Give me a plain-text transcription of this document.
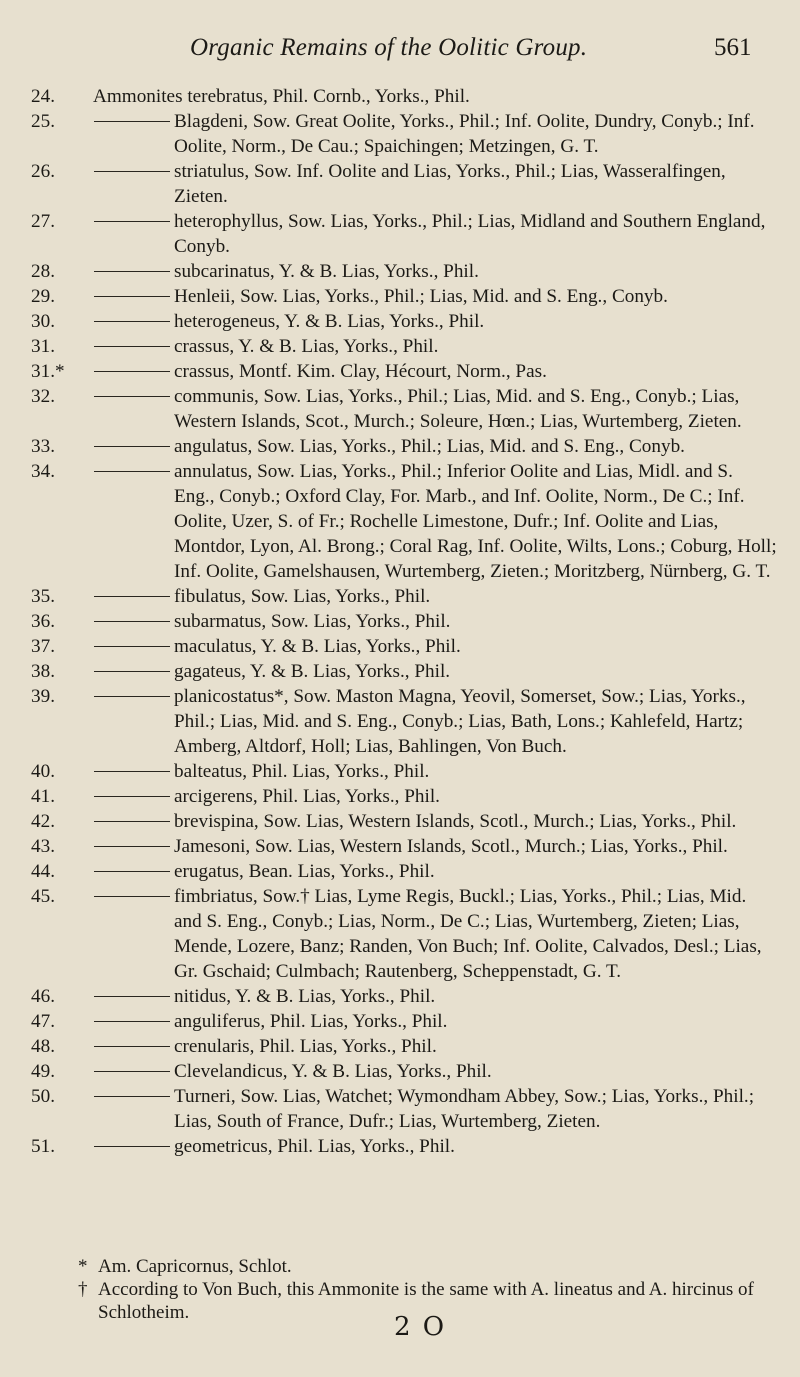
Organic Remains of the Oolitic Group.	561
24.	Ammonites terebratus, Phil. Cornb., Yorks., Phil.
25.	Blagdeni, Sow. Great Oolite, Yorks., Phil.; Inf. Oolite, Dundry, Conyb.; Inf. Oolite, Norm., De Cau.; Spaichingen; Metzingen, G. T.
26.	striatulus, Sow. Inf. Oolite and Lias, Yorks., Phil.; Lias, Wasseralfingen, Zieten.
27.	heterophyllus, Sow. Lias, Yorks., Phil.; Lias, Midland and Southern England, Conyb.
28.	subcarinatus, Y. & B. Lias, Yorks., Phil.
29.	Henleii, Sow. Lias, Yorks., Phil.; Lias, Mid. and S. Eng., Conyb.
30.	heterogeneus, Y. & B. Lias, Yorks., Phil.
31.	crassus, Y. & B. Lias, Yorks., Phil.
31.*	crassus, Montf. Kim. Clay, Hécourt, Norm., Pas.
32.	communis, Sow. Lias, Yorks., Phil.; Lias, Mid. and S. Eng., Conyb.; Lias, Western Islands, Scot., Murch.; Soleure, Hœn.; Lias, Wurtemberg, Zieten.
33.	angulatus, Sow. Lias, Yorks., Phil.; Lias, Mid. and S. Eng., Conyb.
34.	annulatus, Sow. Lias, Yorks., Phil.; Inferior Oolite and Lias, Midl. and S. Eng., Conyb.; Oxford Clay, For. Marb., and Inf. Oolite, Norm., De C.; Inf. Oolite, Uzer, S. of Fr.; Rochelle Limestone, Dufr.; Inf. Oolite and Lias, Montdor, Lyon, Al. Brong.; Coral Rag, Inf. Oolite, Wilts, Lons.; Coburg, Holl; Inf. Oolite, Gamelshausen, Wurtemberg, Zieten.; Moritzberg, Nürnberg, G. T.
35.	fibulatus, Sow. Lias, Yorks., Phil.
36.	subarmatus, Sow. Lias, Yorks., Phil.
37.	maculatus, Y. & B. Lias, Yorks., Phil.
38.	gagateus, Y. & B. Lias, Yorks., Phil.
39.	planicostatus*, Sow. Maston Magna, Yeovil, Somerset, Sow.; Lias, Yorks., Phil.; Lias, Mid. and S. Eng., Conyb.; Lias, Bath, Lons.; Kahlefeld, Hartz; Amberg, Altdorf, Holl; Lias, Bahlingen, Von Buch.
40.	balteatus, Phil. Lias, Yorks., Phil.
41.	arcigerens, Phil. Lias, Yorks., Phil.
42.	brevispina, Sow. Lias, Western Islands, Scotl., Murch.; Lias, Yorks., Phil.
43.	Jamesoni, Sow. Lias, Western Islands, Scotl., Murch.; Lias, Yorks., Phil.
44.	erugatus, Bean. Lias, Yorks., Phil.
45.	fimbriatus, Sow.† Lias, Lyme Regis, Buckl.; Lias, Yorks., Phil.; Lias, Mid. and S. Eng., Conyb.; Lias, Norm., De C.; Lias, Wurtemberg, Zieten; Lias, Mende, Lozere, Banz; Randen, Von Buch; Inf. Oolite, Calvados, Desl.; Lias, Gr. Gschaid; Culmbach; Rautenberg, Scheppenstadt, G. T.
46.	nitidus, Y. & B. Lias, Yorks., Phil.
47.	anguliferus, Phil. Lias, Yorks., Phil.
48.	crenularis, Phil. Lias, Yorks., Phil.
49.	Clevelandicus, Y. & B. Lias, Yorks., Phil.
50.	Turneri, Sow. Lias, Watchet; Wymondham Abbey, Sow.; Lias, Yorks., Phil.; Lias, South of France, Dufr.; Lias, Wurtemberg, Zieten.
51.	geometricus, Phil. Lias, Yorks., Phil.
* Am. Capricornus, Schlot.
† According to Von Buch, this Ammonite is the same with A. lineatus and A. hircinus of Schlotheim.	2 O
